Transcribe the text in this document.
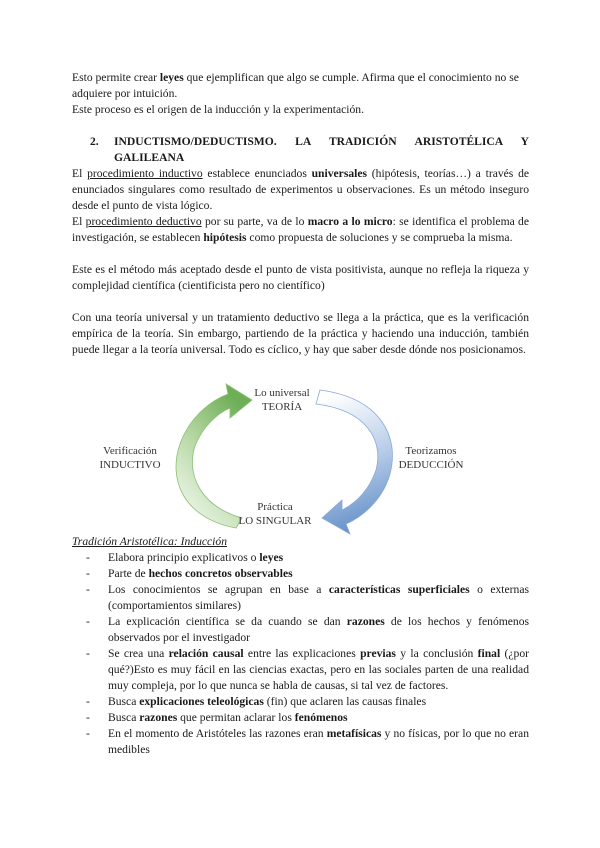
Esto permite crear leyes que ejemplifican que algo se cumple. Afirma que el conocimiento no se adquiere por intuición.

Este proceso es el origen de la inducción y la experimentación.

2. INDUCTISMO/DEDUCTISMO. LA TRADICIÓN ARISTOTÉLICA Y
GALILEANA

El procedimiento inductivo establece enunciados universales (hipótesis, teorías…) a través de enunciados singulares como resultado de experimentos u observaciones. Es un método inseguro desde el punto de vista lógico.

El procedimiento deductivo por su parte, va de lo macro a lo micro: se identifica el problema de investigación, se establecen hipótesis como propuesta de soluciones y se comprueba la misma.

Este es el método más aceptado desde el punto de vista positivista, aunque no refleja la riqueza y complejidad científica (cientificista pero no científico)

Con una teoría universal y un tratamiento deductivo se llega a la práctica, que es la verificación empírica de la teoría. Sin embargo, partiendo de la práctica y haciendo una inducción, también puede llegar a la teoría universal. Todo es cíclico, y hay que saber desde dónde nos posicionamos.

Lo universal
TEORÍA
Teorizamos
DEDUCCIÓN
Práctica
LO SINGULAR
Verificación
INDUCTIVO
Tradición Aristotélica: Inducción
- Elabora principio explicativos o leyes
- Parte de hechos concretos observables
- Los conocimientos se agrupan en base a características superficiales o externas (comportamientos similares)
- La explicación científica se da cuando se dan razones de los hechos y fenómenos observados por el investigador
- Se crea una relación causal entre las explicaciones previas y la conclusión final (¿por qué?)Esto es muy fácil en las ciencias exactas, pero en las sociales parten de una realidad muy compleja, por lo que nunca se habla de causas, si tal vez de factores.
- Busca explicaciones teleológicas (fin) que aclaren las causas finales
- Busca razones que permitan aclarar los fenómenos
- En el momento de Aristóteles las razones eran metafísicas y no físicas, por lo que no eran medibles
